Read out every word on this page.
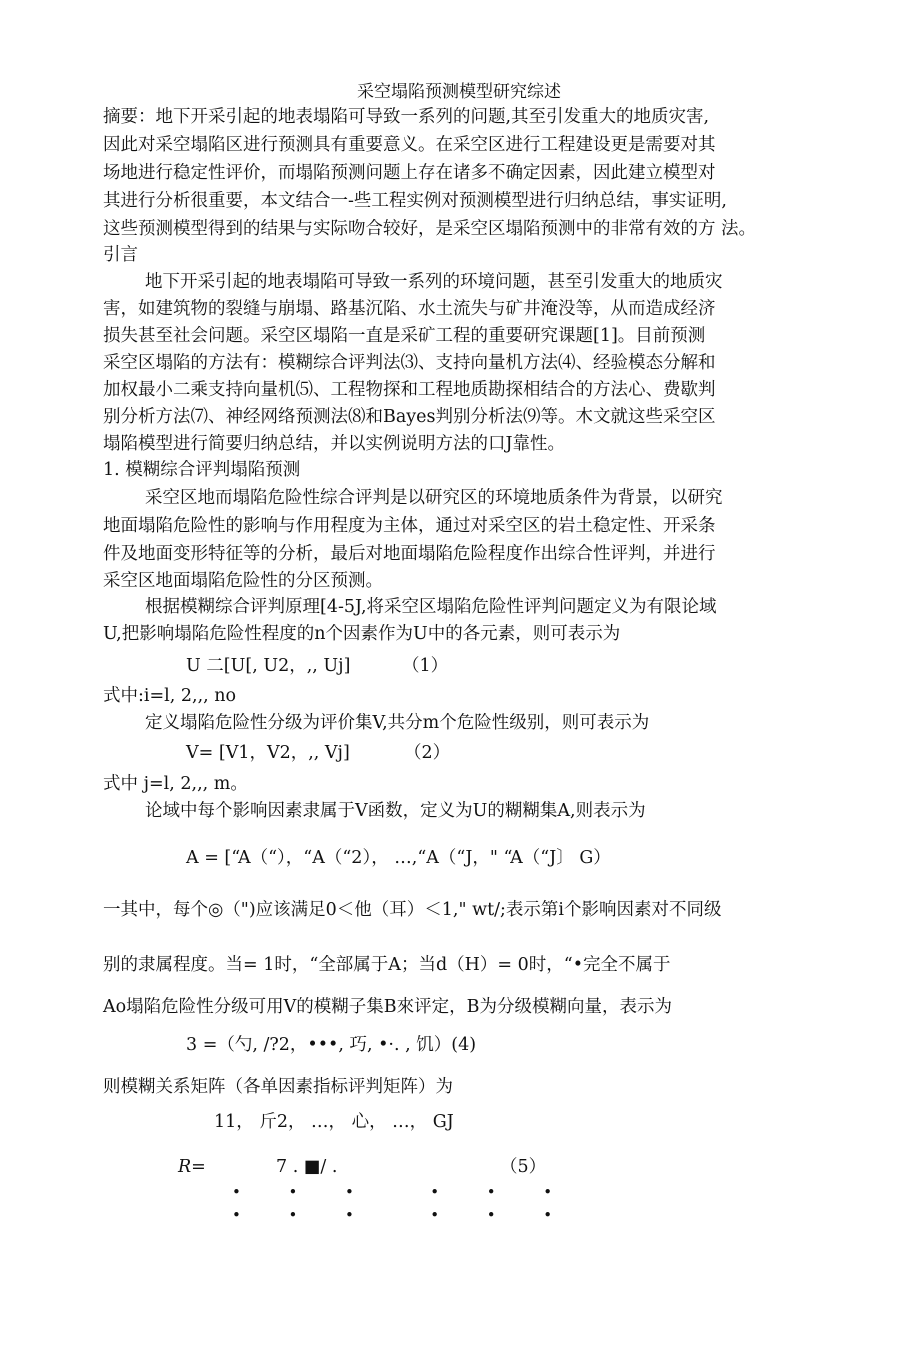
采空塌陷预测模型研究综述
摘要：地下开采引起的地表塌陷可导致一系列的问题,其至引发重大的地质灾害,
因此对采空塌陷区进行预测具有重要意义。在采空区进行工程建设更是需要对其
场地进行稳定性评价，而塌陷预测问题上存在诸多不确定因素，因此建立模型对
其进行分析很重要，本文结合一-些工程实例对预测模型进行归纳总结，事实证明,
这些预测模型得到的结果与实际吻合较好，是采空区塌陷预测中的非常有效的方 法。
引言
地下开采引起的地表塌陷可导致一系列的环境问题，甚至引发重大的地质灾
害，如建筑物的裂缝与崩塌、路基沉陷、水土流失与矿井淹没等，从而造成经济
损失甚至社会问题。采空区塌陷一直是采矿工程的重要研究课题[1]。目前预测
采空区塌陷的方法有：模糊综合评判法⑶、支持向量机方法⑷、经验模态分解和
加权最小二乘支持向量机⑸、工程物探和工程地质勘探相结合的方法心、费歇判
别分析方法⑺、神经网络预测法⑻和Bayes判别分析法⑼等。木文就这些采空区
塌陷模型进行简要归纳总结，并以实例说明方法的口J靠性。
1. 模糊综合评判塌陷预测
采空区地而塌陷危险性综合评判是以研究区的环境地质条件为背景，以研究
地面塌陷危险性的影响与作用程度为主体，通过对采空区的岩土稳定性、开采条
件及地面变形特征等的分析，最后对地面塌陷危险程度作出综合性评判，并进行
采空区地面塌陷危险性的分区预测。
根据模糊综合评判原理[4-5J,将采空区塌陷危险性评判问题定义为有限论域
U,把影响塌陷危险性程度的n个因素作为U中的各元素，则可表示为
U 二[U[, U2，,, Uj]	（1）
式中:i=l, 2,,, no
定义塌陷危险性分级为评价集V,共分m个危险性级别，则可表示为
V= [V1，V2，,, Vj]	（2）
式中 j=l, 2,,, m。
论域中每个影响因素隶属于V函数，定义为U的糊糊集A,则表示为
A = [“A（“），“A（“2）， …,“A（“J，" “A（“J〕 G）
一其中，每个◎（")应该满足0＜他（耳）＜1," wt/;表示第i个影响因素对不同级
别的隶属程度。当= 1时，“全部属于A；当d（H）= 0时，“•完全不属于
Ao塌陷危险性分级可用V的模糊子集B來评定，B为分级模糊向量，表示为
3 =（勺, /?2，•••, 巧, •·. , 饥）(4)
则模糊关系矩阵（各单因素指标评判矩阵）为
11， 斤2， …， 心， …， GJ
R=	7 . ■/ .	（5）
•          •          •                •          •          •
•          •          •                •          •          •
